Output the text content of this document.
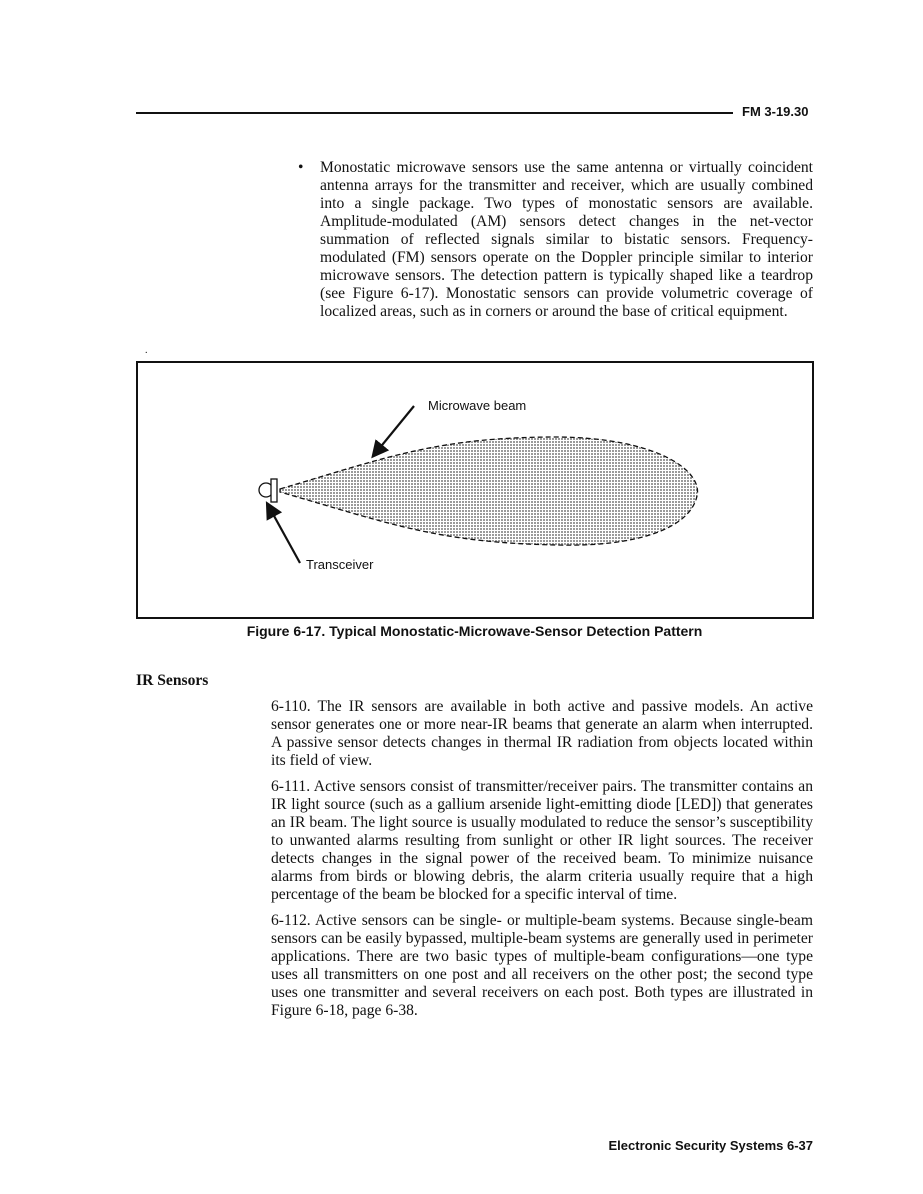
FM 3-19.30
• Monostatic microwave sensors use the same antenna or virtually coincident antenna arrays for the transmitter and receiver, which are usually combined into a single package. Two types of monostatic sensors are available. Amplitude-modulated (AM) sensors detect changes in the net-vector summation of reflected signals similar to bistatic sensors. Frequency-modulated (FM) sensors operate on the Doppler principle similar to interior microwave sensors. The detection pattern is typically shaped like a teardrop (see Figure 6-17). Monostatic sensors can provide volumetric coverage of localized areas, such as in corners or around the base of critical equipment.
.
Microwave beam
Transceiver
Figure 6-17. Typical Monostatic-Microwave-Sensor Detection Pattern
IR Sensors

6-110. The IR sensors are available in both active and passive models. An active sensor generates one or more near-IR beams that generate an alarm when interrupted. A passive sensor detects changes in thermal IR radiation from objects located within its field of view.

6-111. Active sensors consist of transmitter/receiver pairs. The transmitter contains an IR light source (such as a gallium arsenide light-emitting diode [LED]) that generates an IR beam. The light source is usually modulated to reduce the sensor’s susceptibility to unwanted alarms resulting from sunlight or other IR light sources. The receiver detects changes in the signal power of the received beam. To minimize nuisance alarms from birds or blowing debris, the alarm criteria usually require that a high percentage of the beam be blocked for a specific interval of time.

6-112. Active sensors can be single- or multiple-beam systems. Because single-beam sensors can be easily bypassed, multiple-beam systems are generally used in perimeter applications. There are two basic types of multiple-beam configurations—one type uses all transmitters on one post and all receivers on the other post; the second type uses one transmitter and several receivers on each post. Both types are illustrated in Figure 6-18, page 6-38.

Electronic Security Systems 6-37
